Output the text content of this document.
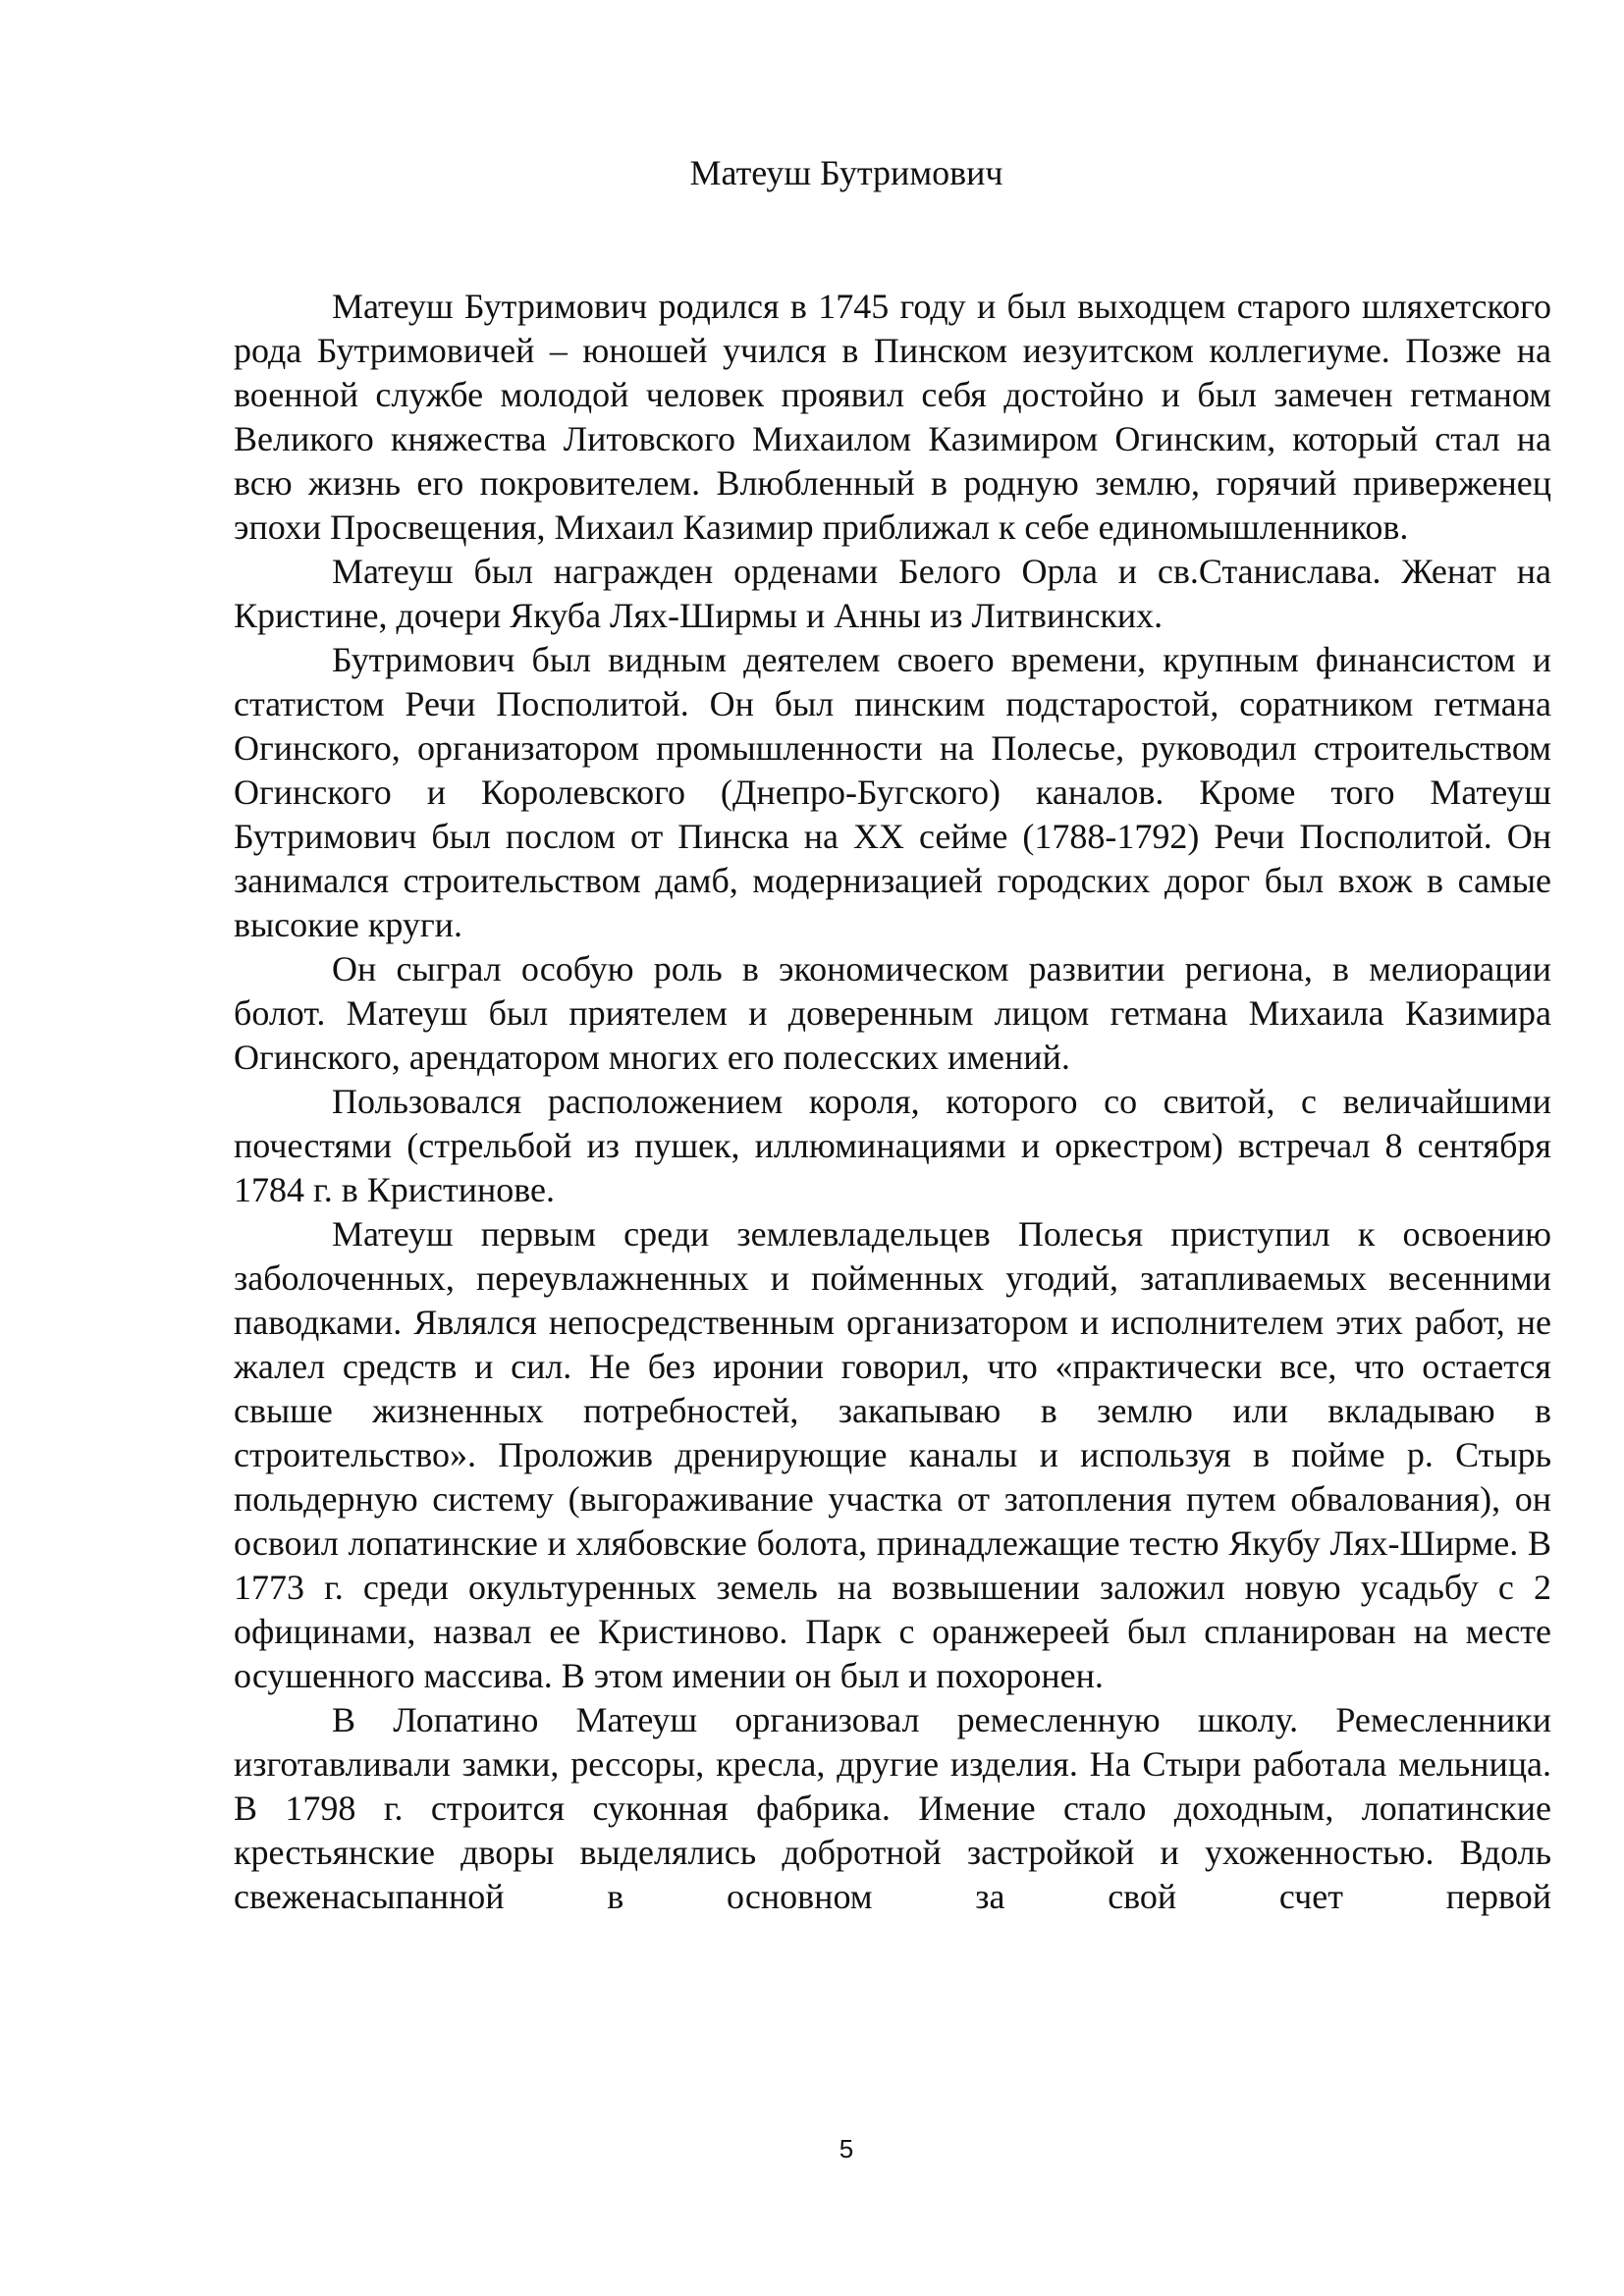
Матеуш Бутримович

Матеуш Бутримович родился в 1745 году и был выходцем старого шляхетского рода Бутримовичей – юношей учился в Пинском иезуитском коллегиуме. Позже на военной службе молодой человек проявил себя достойно и был замечен гетманом Великого княжества Литовского Михаилом Казимиром Огинским, который стал на всю жизнь его покровителем. Влюбленный в родную землю, горячий приверженец эпохи Просвещения, Михаил Казимир приближал к себе единомышленников.

Матеуш был награжден орденами Белого Орла и св.Станислава. Женат на Кристине, дочери Якуба Лях-Ширмы и Анны из Литвинских.

Бутримович был видным деятелем своего времени, крупным финансистом и статистом Речи Посполитой. Он был пинским подстаростой, соратником гетмана Огинского, организатором промышленности на Полесье, руководил строительством Огинского и Королевского (Днепро-Бугского) каналов. Кроме того Матеуш Бутримович был послом от Пинска на XX сейме (1788-1792) Речи Посполитой. Он занимался строительством дамб, модернизацией городских дорог был вхож в самые высокие круги.

Он сыграл особую роль в экономическом развитии региона, в мелиорации болот. Матеуш был приятелем и доверенным лицом гетмана Михаила Казимира Огинского, арендатором многих его полесских имений.

Пользовался расположением короля, которого со свитой, с величайшими почестями (стрельбой из пушек, иллюминациями и оркестром) встречал 8 сентября 1784 г. в Кристинове.

Матеуш первым среди землевладельцев Полесья приступил к освоению заболоченных, переувлажненных и пойменных угодий, затапливаемых весенними паводками. Являлся непосредственным организатором и исполнителем этих работ, не жалел средств и сил. Не без иронии говорил, что «практически все, что остается свыше жизненных потребностей, закапываю в землю или вкладываю в строительство». Проложив дренирующие каналы и используя в пойме р. Стырь польдерную систему (выгораживание участка от затопления путем обвалования), он освоил лопатинские и хлябовские болота, принадлежащие тестю Якубу Лях-Ширме. В 1773 г. среди окультуренных земель на возвышении заложил новую усадьбу с 2 официнами, назвал ее Кристиново. Парк с оранжереей был спланирован на месте осушенного массива. В этом имении он был и похоронен.

В Лопатино Матеуш организовал ремесленную школу. Ремесленники изготавливали замки, рессоры, кресла, другие изделия. На Стыри работала мельница. В 1798 г. строится суконная фабрика. Имение стало доходным, лопатинские крестьянские дворы выделялись добротной застройкой и ухоженностью. Вдоль свеженасыпанной в основном за свой счет первой

5
